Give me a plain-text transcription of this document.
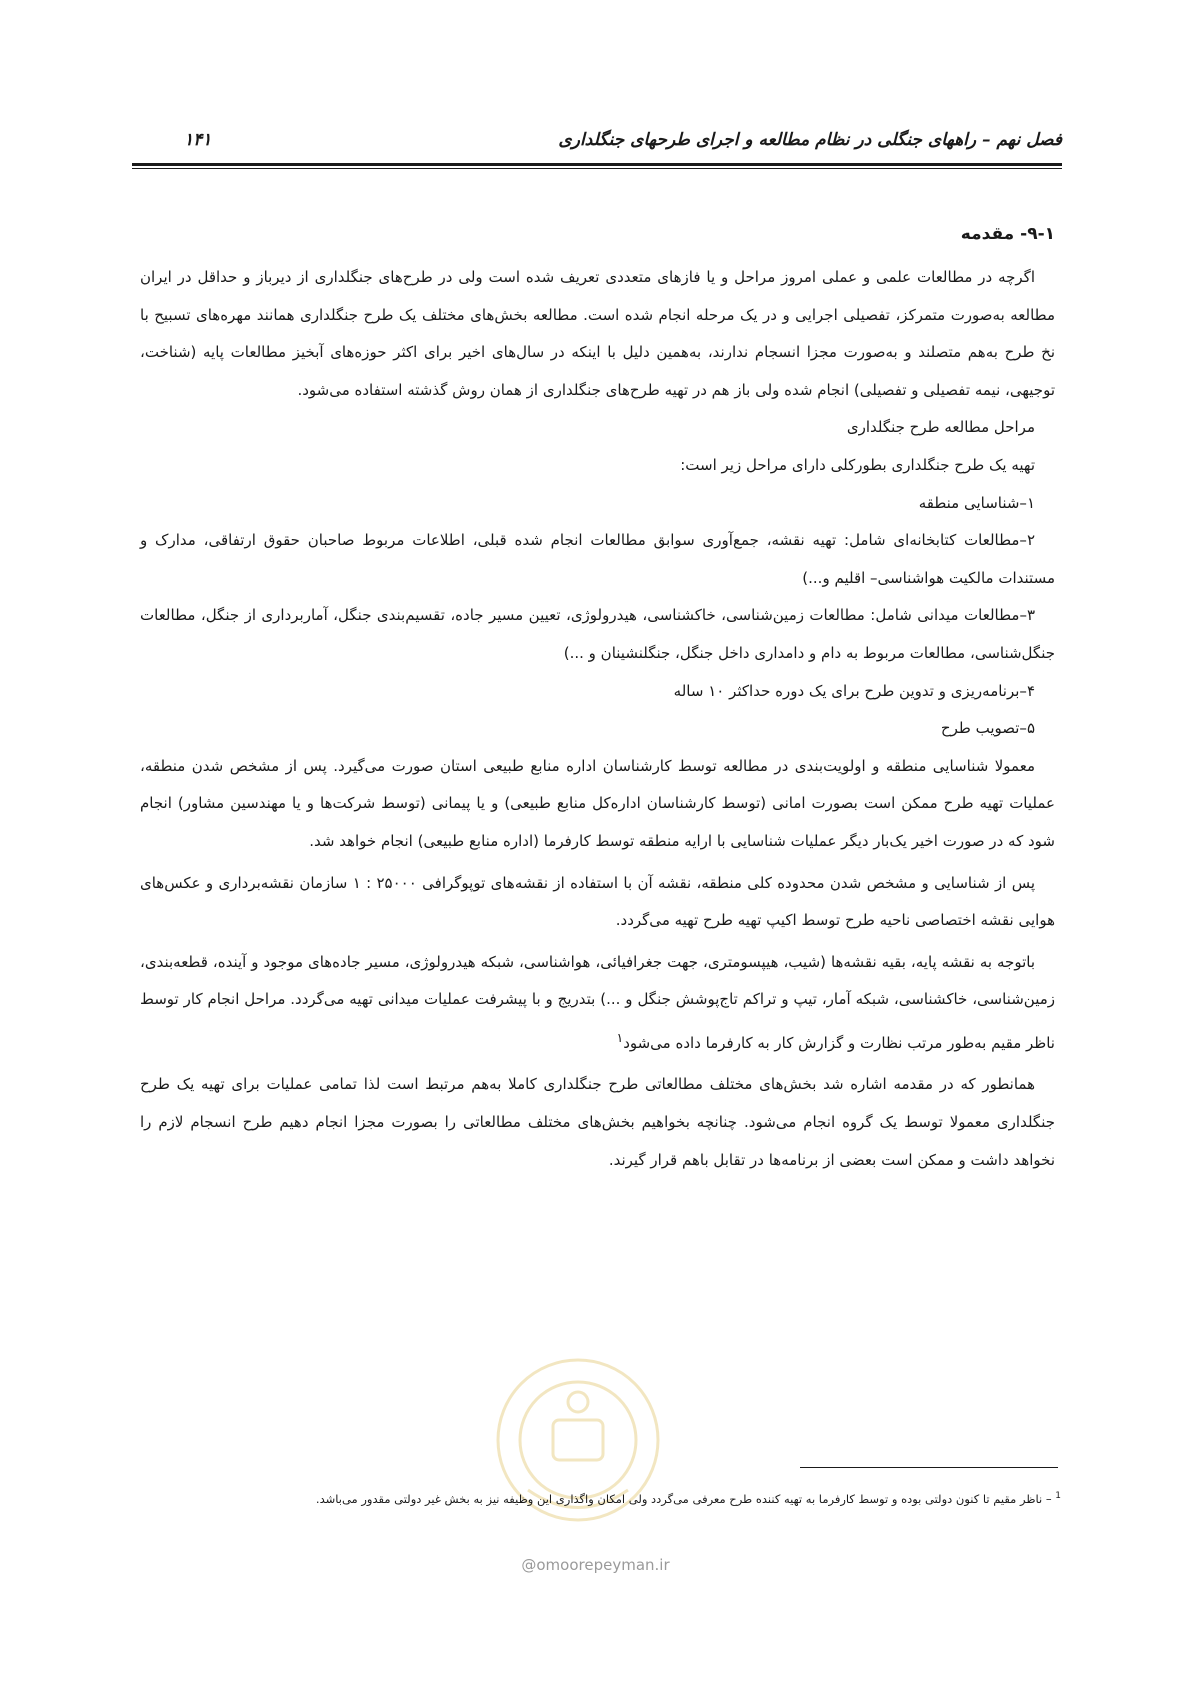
فصل نهم – راههای جنگلی در نظام مطالعه و اجرای طرحهای جنگلداری
۱۴۱
۹-۱- مقدمه

اگرچه در مطالعات علمی و عملی امروز مراحل و یا فازهای متعددی تعریف شده است ولی در طرح‌های جنگلداری از دیرباز و حداقل در ایران مطالعه به‌صورت متمرکز، تفصیلی اجرایی و در یک مرحله انجام شده است. مطالعه بخش‌های مختلف یک طرح جنگلداری همانند مهره‌های تسبیح با نخ طرح به‌هم متصلند و به‌صورت مجزا انسجام ندارند، به‌همین دلیل با اینکه در سال‌های اخیر برای اکثر حوزه‌های آبخیز مطالعات پایه (شناخت، توجیهی، نیمه تفصیلی و تفصیلی) انجام شده ولی باز هم در تهیه طرح‌های جنگلداری از همان روش گذشته استفاده می‌شود.

مراحل مطالعه طرح جنگلداری

تهیه یک طرح جنگلداری بطورکلی دارای مراحل زیر است:

۱–شناسایی منطقه

۲–مطالعات کتابخانه‌ای شامل: تهیه نقشه، جمع‌آوری سوابق مطالعات انجام شده قبلی، اطلاعات مربوط صاحبان حقوق ارتفاقی، مدارک و مستندات مالکیت هواشناسی– اقلیم و...)

۳–مطالعات میدانی شامل: مطالعات زمین‌شناسی، خاکشناسی، هیدرولوژی، تعیین مسیر جاده، تقسیم‌بندی جنگل، آماربرداری از جنگل، مطالعات جنگل‌شناسی، مطالعات مربوط به دام و دامداری داخل جنگل، جنگلنشینان و ...)

۴–برنامه‌ریزی و تدوین طرح برای یک دوره حداکثر ۱۰ ساله

۵–تصویب طرح

معمولا شناسایی منطقه و اولویت‌بندی در مطالعه توسط کارشناسان اداره منابع طبیعی استان صورت می‌گیرد. پس از مشخص شدن منطقه، عملیات تهیه طرح ممکن است بصورت امانی (توسط کارشناسان اداره‌کل منابع طبیعی) و یا پیمانی (توسط شرکت‌ها و یا مهندسین مشاور) انجام شود که در صورت اخیر یک‌بار دیگر عملیات شناسایی با ارایه منطقه توسط کارفرما (اداره منابع طبیعی) انجام خواهد شد.

پس از شناسایی و مشخص شدن محدوده کلی منطقه، نقشه آن با استفاده از نقشه‌های توپوگرافی ۲۵۰۰۰ : ۱ سازمان نقشه‌برداری و عکس‌های هوایی نقشه اختصاصی ناحیه طرح توسط اکیپ تهیه طرح تهیه می‌گردد.

باتوجه به نقشه پایه، بقیه نقشه‌ها (شیب، هیپسومتری، جهت جغرافیائی، هواشناسی، شبکه هیدرولوژی، مسیر جاده‌های موجود و آینده، قطعه‌بندی، زمین‌شناسی، خاکشناسی، شبکه آمار، تیپ و تراکم تاج‌پوشش جنگل و ...) بتدریج و با پیشرفت عملیات میدانی تهیه می‌گردد. مراحل انجام کار توسط ناظر مقیم به‌طور مرتب نظارت و گزارش کار به کارفرما داده می‌شود$^۱$

همانطور که در مقدمه اشاره شد بخش‌های مختلف مطالعاتی طرح جنگلداری کاملا به‌هم مرتبط است لذا تمامی عملیات برای تهیه یک طرح جنگلداری معمولا توسط یک گروه انجام می‌شود. چنانچه بخواهیم بخش‌های مختلف مطالعاتی را بصورت مجزا انجام دهیم طرح انسجام لازم را نخواهد داشت و ممکن است بعضی از برنامه‌ها در تقابل باهم قرار گیرند.

$^1$ – ناظر مقیم تا کنون دولتی بوده و توسط کارفرما به تهیه کننده طرح معرفی می‌گردد ولی امکان واگذاری این وظیفه نیز به بخش غیر دولتی مقدور می‌باشد.
@omoorepeyman.ir
